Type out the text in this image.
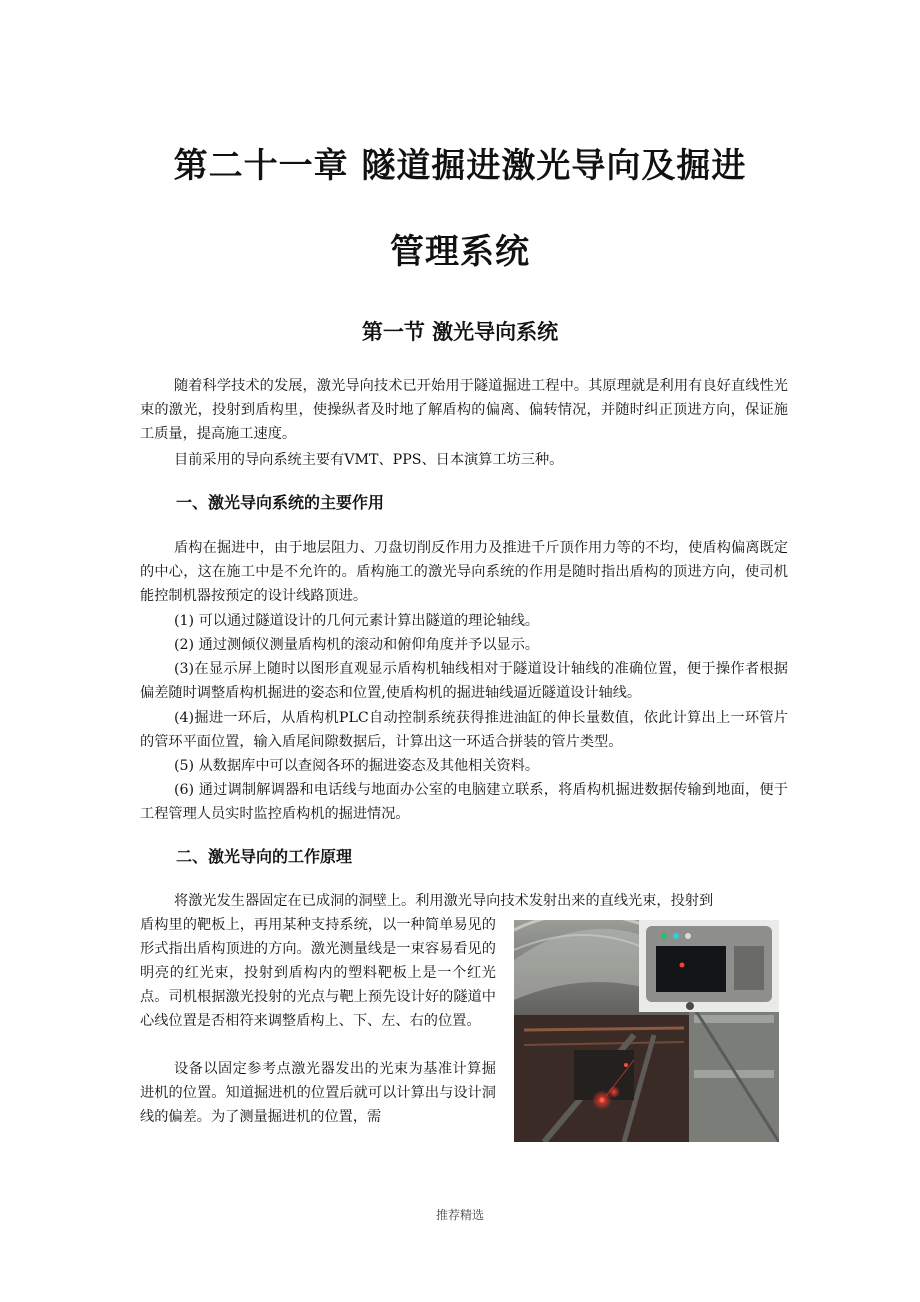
第二十一章 隧道掘进激光导向及掘进
管理系统
第一节 激光导向系统

随着科学技术的发展，激光导向技术已开始用于隧道掘进工程中。其原理就是利用有良好直线性光束的激光，投射到盾构里，使操纵者及时地了解盾构的偏离、偏转情况，并随时纠正顶进方向，保证施工质量，提高施工速度。

目前采用的导向系统主要有VMT、PPS、日本演算工坊三种。

一、激光导向系统的主要作用

盾构在掘进中，由于地层阻力、刀盘切削反作用力及推进千斤顶作用力等的不均，使盾构偏离既定的中心，这在施工中是不允许的。盾构施工的激光导向系统的作用是随时指出盾构的顶进方向，使司机能控制机器按预定的设计线路顶进。

(1) 可以通过隧道设计的几何元素计算出隧道的理论轴线。

(2) 通过测倾仪测量盾构机的滚动和俯仰角度并予以显示。

(3)在显示屏上随时以图形直观显示盾构机轴线相对于隧道设计轴线的准确位置，便于操作者根据偏差随时调整盾构机掘进的姿态和位置,使盾构机的掘进轴线逼近隧道设计轴线。

(4)掘进一环后，从盾构机PLC自动控制系统获得推进油缸的伸长量数值，依此计算出上一环管片的管环平面位置，输入盾尾间隙数据后，计算出这一环适合拼装的管片类型。

(5) 从数据库中可以查阅各环的掘进姿态及其他相关资料。

(6) 通过调制解调器和电话线与地面办公室的电脑建立联系，将盾构机掘进数据传输到地面，便于工程管理人员实时监控盾构机的掘进情况。

二、激光导向的工作原理

将激光发生器固定在已成洞的洞壁上。利用激光导向技术发射出来的直线光束，投射到

盾构里的靶板上，再用某种支持系统，以一种简单易见的形式指出盾构顶进的方向。激光测量线是一束容易看见的明亮的红光束，投射到盾构内的塑料靶板上是一个红光点。司机根据激光投射的光点与靶上预先设计好的隧道中心线位置是否相符来调整盾构上、下、左、右的位置。

设备以固定参考点激光器发出的光束为基准计算掘进机的位置。知道掘进机的位置后就可以计算出与设计洞线的偏差。为了测量掘进机的位置，需

推荐精选
